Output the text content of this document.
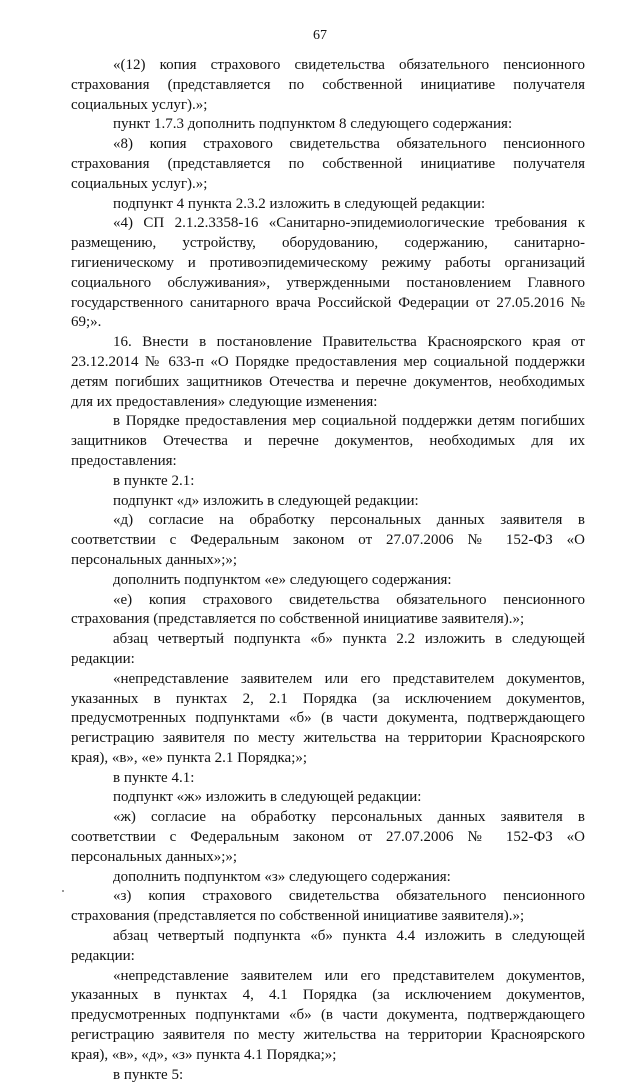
67

«(12) копия страхового свидетельства обязательного пенсионного страхования (представляется по собственной инициативе получателя социальных услуг).»;

пункт 1.7.3 дополнить подпунктом 8 следующего содержания:

«8) копия страхового свидетельства обязательного пенсионного страхования (представляется по собственной инициативе получателя социальных услуг).»;

подпункт 4 пункта 2.3.2 изложить в следующей редакции:

«4) СП 2.1.2.3358-16 «Санитарно-эпидемиологические требования к размещению, устройству, оборудованию, содержанию, санитарно-гигиеническому и противоэпидемическому режиму работы организаций социального обслуживания», утвержденными постановлением Главного государственного санитарного врача Российской Федерации от 27.05.2016 № 69;».

16. Внести в постановление Правительства Красноярского края от 23.12.2014 № 633-п «О Порядке предоставления мер социальной поддержки детям погибших защитников Отечества и перечне документов, необходимых для их предоставления» следующие изменения:

в Порядке предоставления мер социальной поддержки детям погибших защитников Отечества и перечне документов, необходимых для их предоставления:

в пункте 2.1:

подпункт «д» изложить в следующей редакции:

«д) согласие на обработку персональных данных заявителя в соответствии с Федеральным законом от 27.07.2006 № 152-ФЗ «О персональных данных»;»;

дополнить подпунктом «е» следующего содержания:

«е) копия страхового свидетельства обязательного пенсионного страхования (представляется по собственной инициативе заявителя).»;

абзац четвертый подпункта «б» пункта 2.2 изложить в следующей редакции:

«непредставление заявителем или его представителем документов, указанных в пунктах 2, 2.1 Порядка (за исключением документов, предусмотренных подпунктами «б» (в части документа, подтверждающего регистрацию заявителя по месту жительства на территории Красноярского края), «в», «е» пункта 2.1 Порядка;»;

в пункте 4.1:

подпункт «ж» изложить в следующей редакции:

«ж) согласие на обработку персональных данных заявителя в соответствии с Федеральным законом от 27.07.2006 № 152-ФЗ «О персональных данных»;»;

дополнить подпунктом «з» следующего содержания:

«з) копия страхового свидетельства обязательного пенсионного страхования (представляется по собственной инициативе заявителя).»;

абзац четвертый подпункта «б» пункта 4.4 изложить в следующей редакции:

«непредставление заявителем или его представителем документов, указанных в пунктах 4, 4.1 Порядка (за исключением документов, предусмотренных подпунктами «б» (в части документа, подтверждающего регистрацию заявителя по месту жительства на территории Красноярского края), «в», «д», «з» пункта 4.1 Порядка;»;

в пункте 5:
